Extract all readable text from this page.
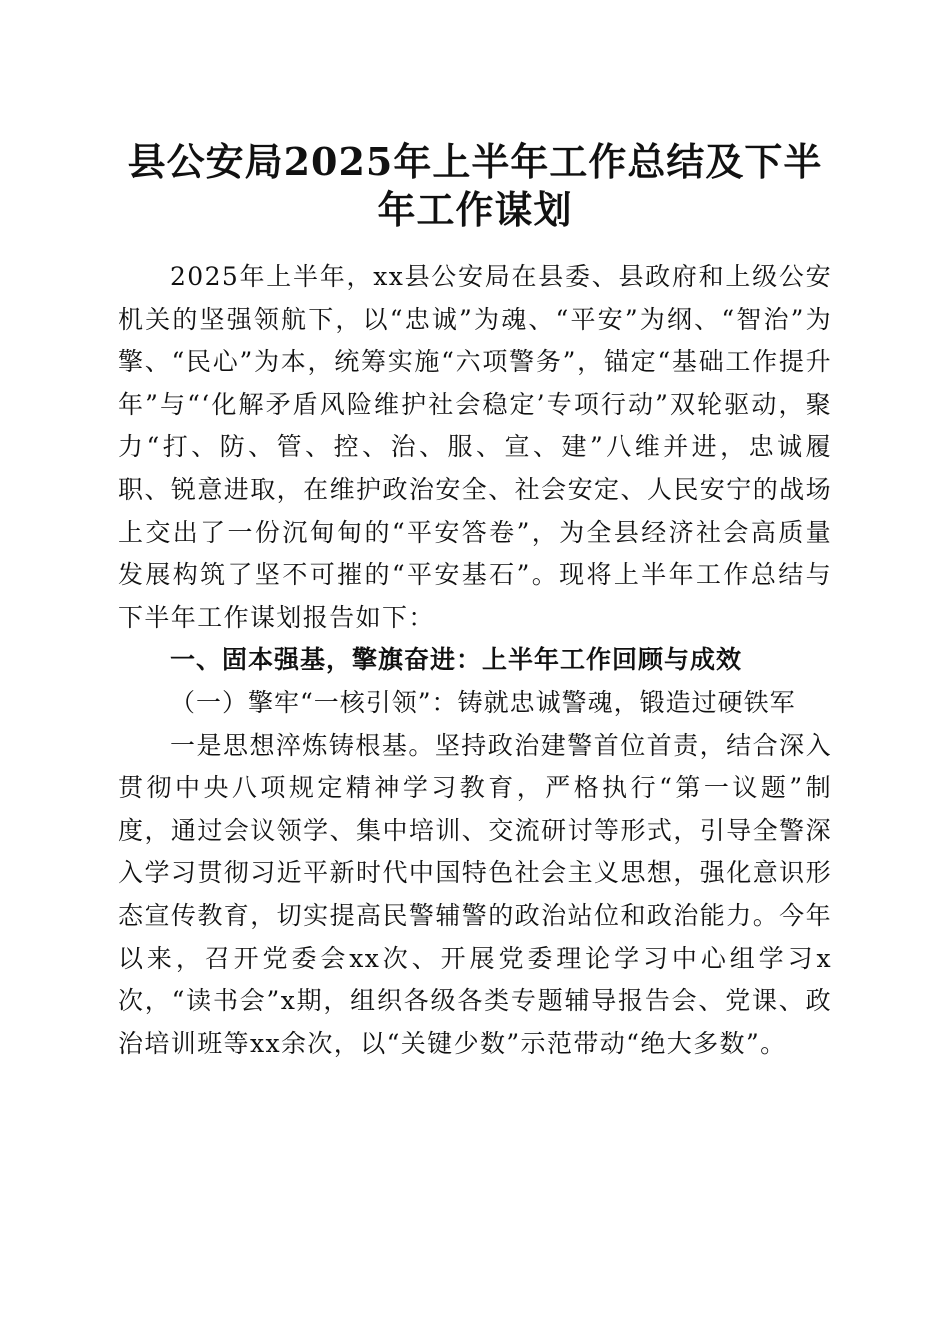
县公安局2025年上半年工作总结及下半年工作谋划

2025年上半年，xx县公安局在县委、县政府和上级公安机关的坚强领航下，以“忠诚”为魂、“平安”为纲、“智治”为擎、“民心”为本，统筹实施“六项警务”，锚定“基础工作提升年”与“‘化解矛盾风险维护社会稳定’专项行动”双轮驱动，聚力“打、防、管、控、治、服、宣、建”八维并进，忠诚履职、锐意进取，在维护政治安全、社会安定、人民安宁的战场上交出了一份沉甸甸的“平安答卷”，为全县经济社会高质量发展构筑了坚不可摧的“平安基石”。现将上半年工作总结与下半年工作谋划报告如下：

一、固本强基，擎旗奋进：上半年工作回顾与成效

（一）擎牢“一核引领”：铸就忠诚警魂，锻造过硬铁军

一是思想淬炼铸根基。坚持政治建警首位首责，结合深入贯彻中央八项规定精神学习教育，严格执行“第一议题”制度，通过会议领学、集中培训、交流研讨等形式，引导全警深入学习贯彻习近平新时代中国特色社会主义思想，强化意识形态宣传教育，切实提高民警辅警的政治站位和政治能力。今年以来，召开党委会xx次、开展党委理论学习中心组学习x次，“读书会”x期，组织各级各类专题辅导报告会、党课、政治培训班等xx余次，以“关键少数”示范带动“绝大多数”。
